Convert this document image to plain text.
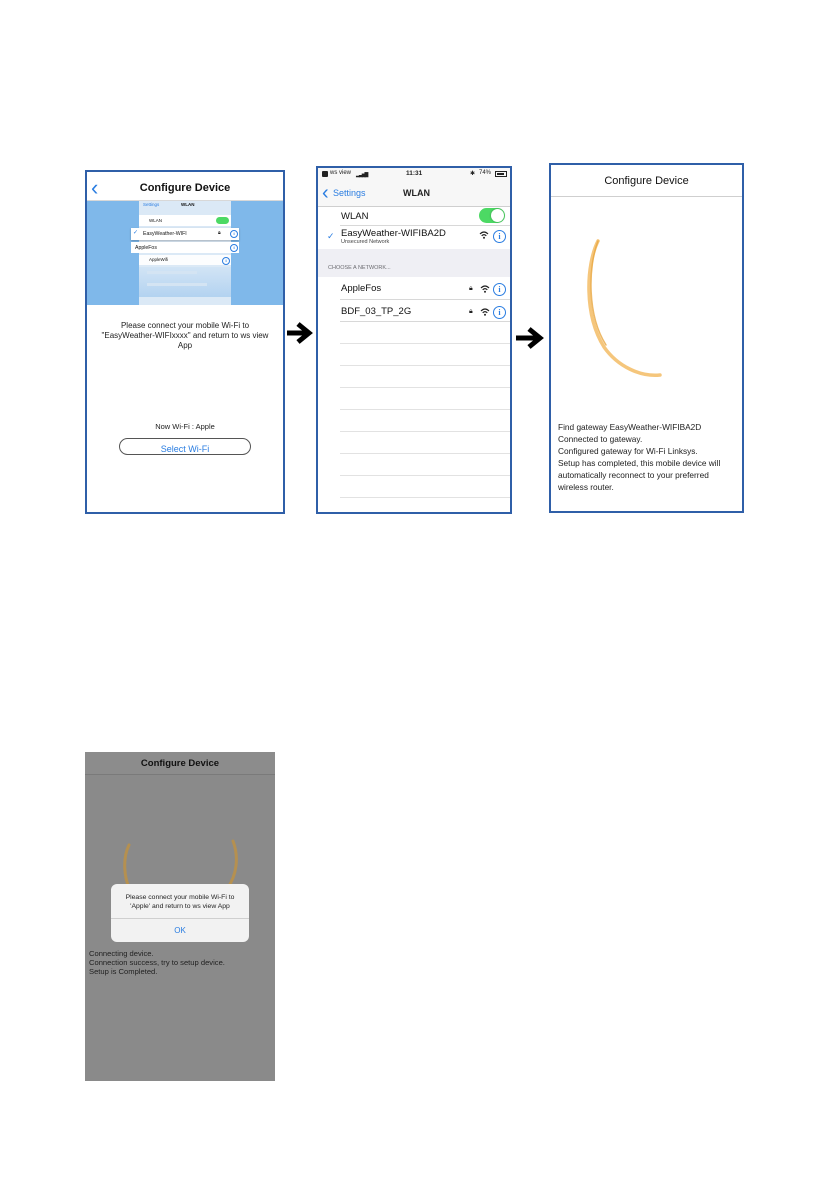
‹	Configure Device
Settings	WLAN
WLAN
✓ EasyWeather-WIFI	🔒︎	i
AppleFos	i
AppleWifi	i
Please connect your mobile Wi-Fi to "EasyWeather-WIFIxxxx" and return to ws view App
Now Wi-Fi : Apple
Select Wi-Fi
ws view ▂▃▅▇	11:31	✱ 74%
‹ Settings	WLAN
WLAN
✓ EasyWeather-WIFIBA2D
Unsecured Network
i
CHOOSE A NETWORK...
AppleFos	🔒︎	i
BDF_03_TP_2G	🔒︎	i
Configure Device
Find gateway EasyWeather-WIFIBA2D
Connected to gateway.
Configured gateway for Wi-Fi Linksys.
Setup has completed, this mobile device will
automatically reconnect to your preferred
wireless router.
Configure Device
Please connect your mobile Wi-Fi to
'Apple' and return to ws view App
OK
Connecting device.
Connection success, try to setup device.
Setup is Completed.
